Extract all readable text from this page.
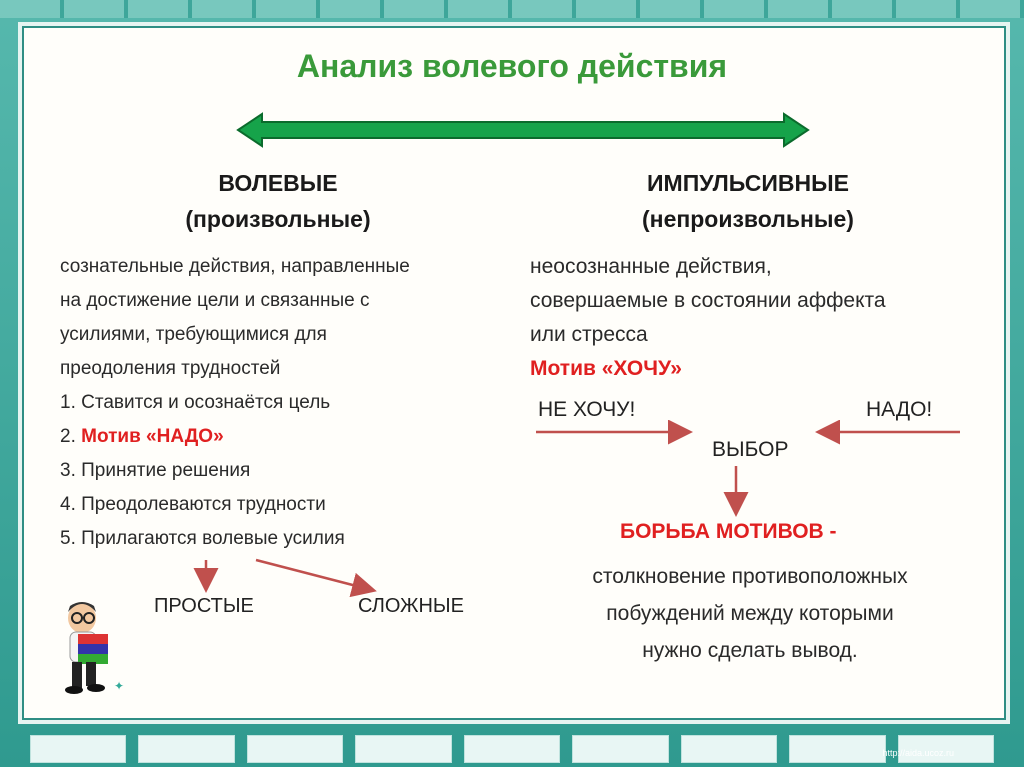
Анализ волевого действия
ВОЛЕВЫЕ
(произвольные)
сознательные действия, направленные
на достижение цели и связанные с
усилиями, требующимися для
преодоления трудностей
1. Ставится и осознаётся цель
2. Мотив «НАДО»
3. Принятие решения
4. Преодолеваются трудности
5. Прилагаются волевые усилия
ПРОСТЫЕ	СЛОЖНЫЕ
✦
ИМПУЛЬСИВНЫЕ
(непроизвольные)
неосознанные действия,
совершаемые в состоянии аффекта
или стресса
Мотив «ХОЧУ»
НЕ ХОЧУ!	НАДО!
ВЫБОР
БОРЬБА МОТИВОВ -
столкновение противоположных
побуждений между которыми
нужно сделать вывод.
http://aida.ucoz.ru
